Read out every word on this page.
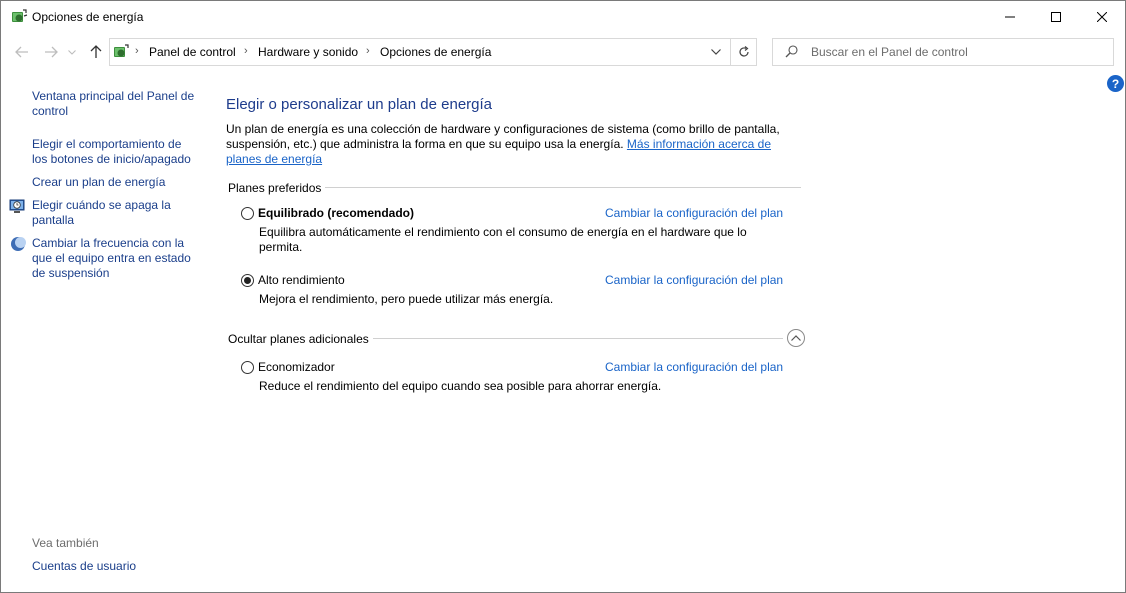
Opciones de energía
› Panel de control › Hardware y sonido › Opciones de energía
Buscar en el Panel de control
?
Ventana principal del Panel de control
Elegir el comportamiento de los botones de inicio/apagado
Crear un plan de energía
Elegir cuándo se apaga la pantalla
Cambiar la frecuencia con la que el equipo entra en estado de suspensión
Vea también
Cuentas de usuario
Elegir o personalizar un plan de energía
Un plan de energía es una colección de hardware y configuraciones de sistema (como brillo de pantalla, suspensión, etc.) que administra la forma en que su equipo usa la energía. Más información acerca de planes de energía
Planes preferidos
Equilibrado (recomendado)	Cambiar la configuración del plan
Equilibra automáticamente el rendimiento con el consumo de energía en el hardware que lo permita.
Alto rendimiento	Cambiar la configuración del plan
Mejora el rendimiento, pero puede utilizar más energía.
Ocultar planes adicionales
Economizador	Cambiar la configuración del plan
Reduce el rendimiento del equipo cuando sea posible para ahorrar energía.
